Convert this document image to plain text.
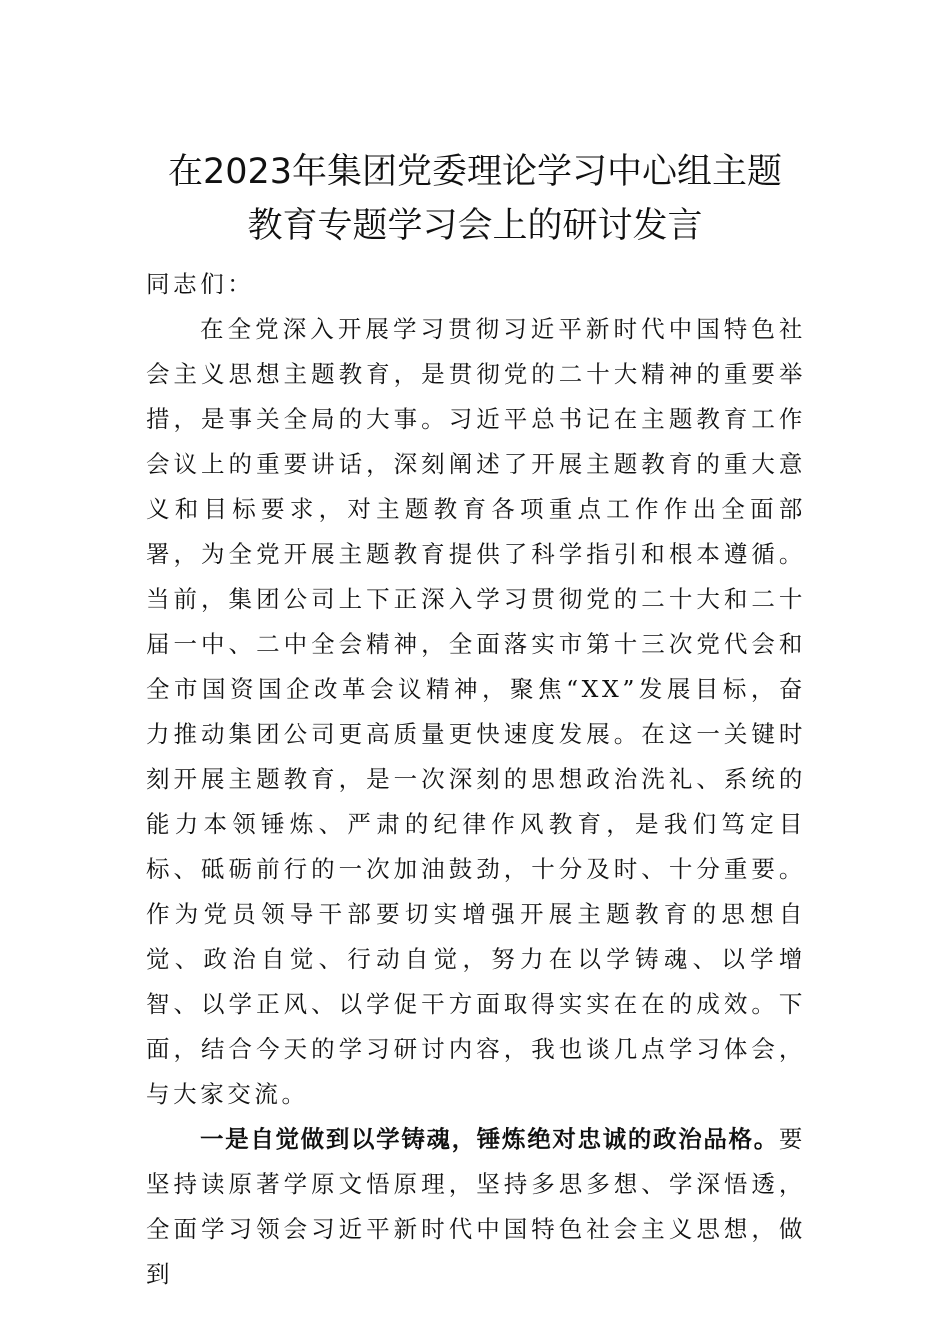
在2023年集团党委理论学习中心组主题
教育专题学习会上的研讨发言

同志们：

在全党深入开展学习贯彻习近平新时代中国特色社会主义思想主题教育，是贯彻党的二十大精神的重要举措，是事关全局的大事。习近平总书记在主题教育工作会议上的重要讲话，深刻阐述了开展主题教育的重大意义和目标要求，对主题教育各项重点工作作出全面部署，为全党开展主题教育提供了科学指引和根本遵循。当前，集团公司上下正深入学习贯彻党的二十大和二十届一中、二中全会精神，全面落实市第十三次党代会和全市国资国企改革会议精神，聚焦“XX”发展目标，奋力推动集团公司更高质量更快速度发展。在这一关键时刻开展主题教育，是一次深刻的思想政治洗礼、系统的能力本领锤炼、严肃的纪律作风教育，是我们笃定目标、砥砺前行的一次加油鼓劲，十分及时、十分重要。作为党员领导干部要切实增强开展主题教育的思想自觉、政治自觉、行动自觉，努力在以学铸魂、以学增智、以学正风、以学促干方面取得实实在在的成效。下面，结合今天的学习研讨内容，我也谈几点学习体会，与大家交流。

一是自觉做到以学铸魂，锤炼绝对忠诚的政治品格。要坚持读原著学原文悟原理，坚持多思多想、学深悟透，全面学习领会习近平新时代中国特色社会主义思想，做到
